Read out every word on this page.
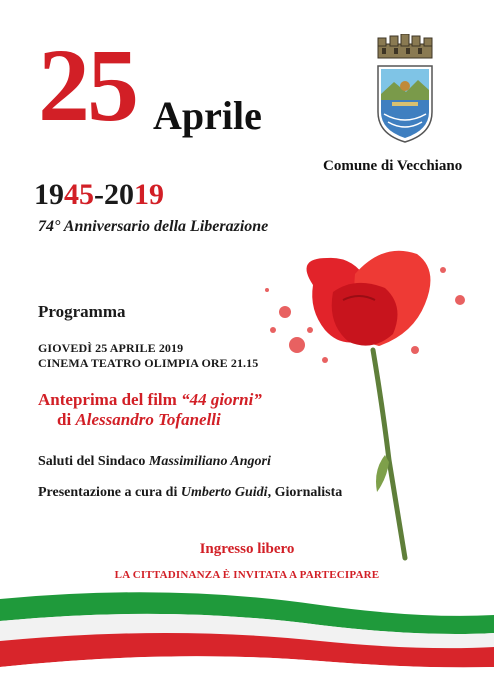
25 Aprile
Comune di Vecchiano
1945-2019
74° Anniversario della Liberazione
Programma
GIOVEDÌ 25 APRILE 2019
CINEMA TEATRO OLIMPIA ORE 21.15
Anteprima del film “44 giorni”
di Alessandro Tofanelli
Saluti del Sindaco Massimiliano Angori
Presentazione a cura di Umberto Guidi, Giornalista
Ingresso libero
LA CITTADINANZA È INVITATA A PARTECIPARE
